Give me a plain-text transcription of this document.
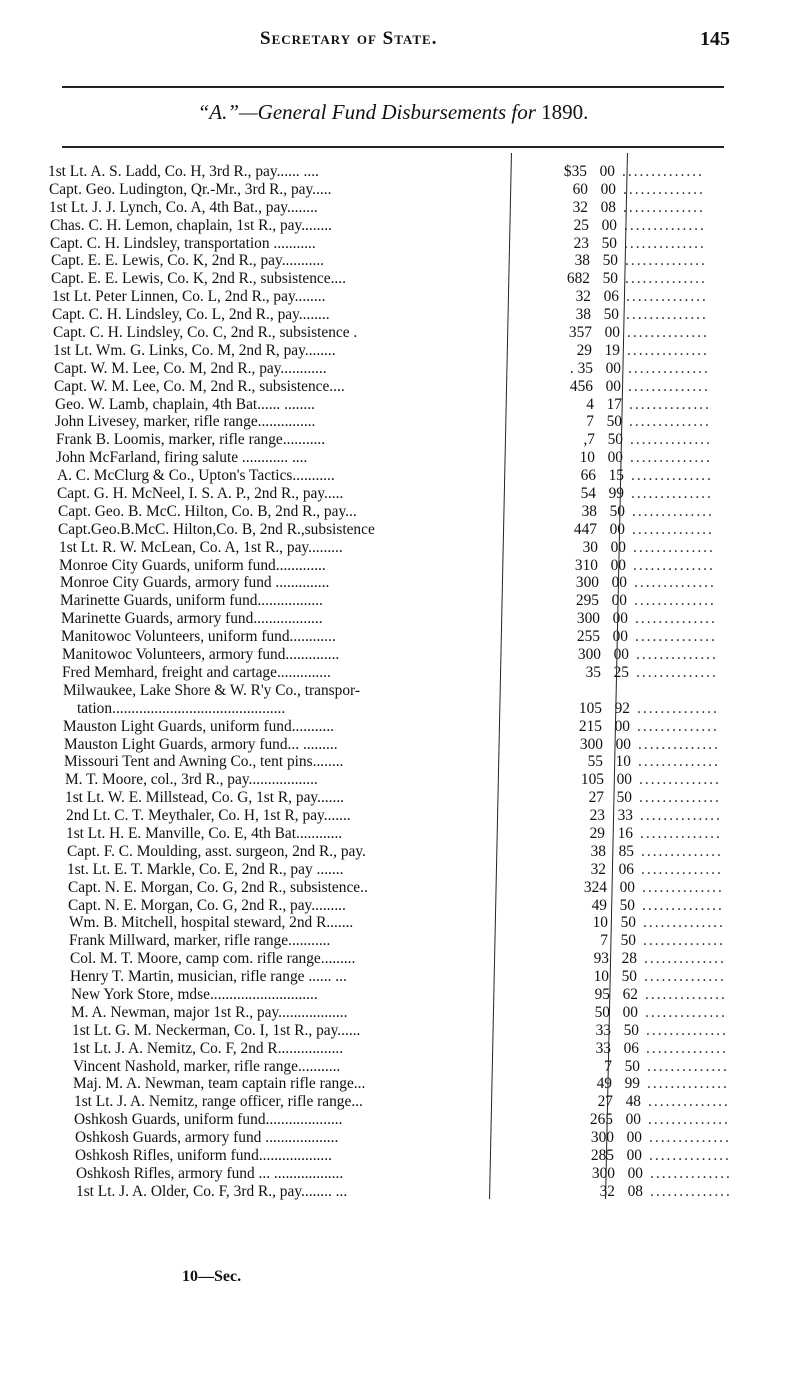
Secretary of State.	145
“A.”—General Fund Disbursements for 1890.
1st Lt. A. S. Ladd, Co. H, 3rd R., pay...... ....	$35 00 ..............
Capt. Geo. Ludington, Qr.-Mr., 3rd R., pay.....	60 00 ..............
1st Lt. J. J. Lynch, Co. A, 4th Bat., pay........	32 08 ..............
Chas. C. H. Lemon, chaplain, 1st R., pay........	25 00 ..............
Capt. C. H. Lindsley, transportation ...........	23 50 ..............
Capt. E. E. Lewis, Co. K, 2nd R., pay...........	38 50 ..............
Capt. E. E. Lewis, Co. K, 2nd R., subsistence....	682 50 ..............
1st Lt. Peter Linnen, Co. L, 2nd R., pay........	32 06 ..............
Capt. C. H. Lindsley, Co. L, 2nd R., pay........	38 50 ..............
Capt. C. H. Lindsley, Co. C, 2nd R., subsistence .	357 00 ..............
1st Lt. Wm. G. Links, Co. M, 2nd R, pay........	29 19 ..............
Capt. W. M. Lee, Co. M, 2nd R., pay............	. 35 00 ..............
Capt. W. M. Lee, Co. M, 2nd R., subsistence....	456 00 ..............
Geo. W. Lamb, chaplain, 4th Bat...... ........	4 17 ..............
John Livesey, marker, rifle range...............	7 50 ..............
Frank B. Loomis, marker, rifle range...........	,7 50 ..............
John McFarland, firing salute ............ ....	10 00 ..............
A. C. McClurg & Co., Upton's Tactics...........	66 15 ..............
Capt. G. H. McNeel, I. S. A. P., 2nd R., pay.....	54 99 ..............
Capt. Geo. B. McC. Hilton, Co. B, 2nd R., pay...	38 50 ..............
Capt.Geo.B.McC. Hilton,Co. B, 2nd R.,subsistence	447 00 ..............
1st Lt. R. W. McLean, Co. A, 1st R., pay.........	30 00 ..............
Monroe City Guards, uniform fund.............	310 00 ..............
Monroe City Guards, armory fund ..............	300 00 ..............
Marinette Guards, uniform fund.................	295 00 ..............
Marinette Guards, armory fund..................	300 00 ..............
Manitowoc Volunteers, uniform fund............	255 00 ..............
Manitowoc Volunteers, armory fund..............	300 00 ..............
Fred Memhard, freight and cartage..............	35 25 ..............
Milwaukee, Lake Shore & W. R'y Co., transpor-
tation.............................................	105 92 ..............
Mauston Light Guards, uniform fund...........	215 00 ..............
Mauston Light Guards, armory fund... .........	300 00 ..............
Missouri Tent and Awning Co., tent pins........	55 10 ..............
M. T. Moore, col., 3rd R., pay..................	105 00 ..............
1st Lt. W. E. Millstead, Co. G, 1st R, pay.......	27 50 ..............
2nd Lt. C. T. Meythaler, Co. H, 1st R, pay.......	23 33 ..............
1st Lt. H. E. Manville, Co. E, 4th Bat............	29 16 ..............
Capt. F. C. Moulding, asst. surgeon, 2nd R., pay.	38 85 ..............
1st. Lt. E. T. Markle, Co. E, 2nd R., pay .......	32 06 ..............
Capt. N. E. Morgan, Co. G, 2nd R., subsistence..	324 00 ..............
Capt. N. E. Morgan, Co. G, 2nd R., pay.........	49 50 ..............
Wm. B. Mitchell, hospital steward, 2nd R.......	10 50 ..............
Frank Millward, marker, rifle range...........	7 50 ..............
Col. M. T. Moore, camp com. rifle range.........	93 28 ..............
Henry T. Martin, musician, rifle range ...... ...	10 50 ..............
New York Store, mdse............................	95 62 ..............
M. A. Newman, major 1st R., pay..................	50 00 ..............
1st Lt. G. M. Neckerman, Co. I, 1st R., pay......	33 50 ..............
1st Lt. J. A. Nemitz, Co. F, 2nd R.................	33 06 ..............
Vincent Nashold, marker, rifle range...........	7 50 ..............
Maj. M. A. Newman, team captain rifle range...	49 99 ..............
1st Lt. J. A. Nemitz, range officer, rifle range...	27 48 ..............
Oshkosh Guards, uniform fund....................	265 00 ..............
Oshkosh Guards, armory fund ...................	300 00 ..............
Oshkosh Rifles, uniform fund...................	285 00 ..............
Oshkosh Rifles, armory fund ... ..................	300 00 ..............
1st Lt. J. A. Older, Co. F, 3rd R., pay........ ...	32 08 ..............
10—Sec.
